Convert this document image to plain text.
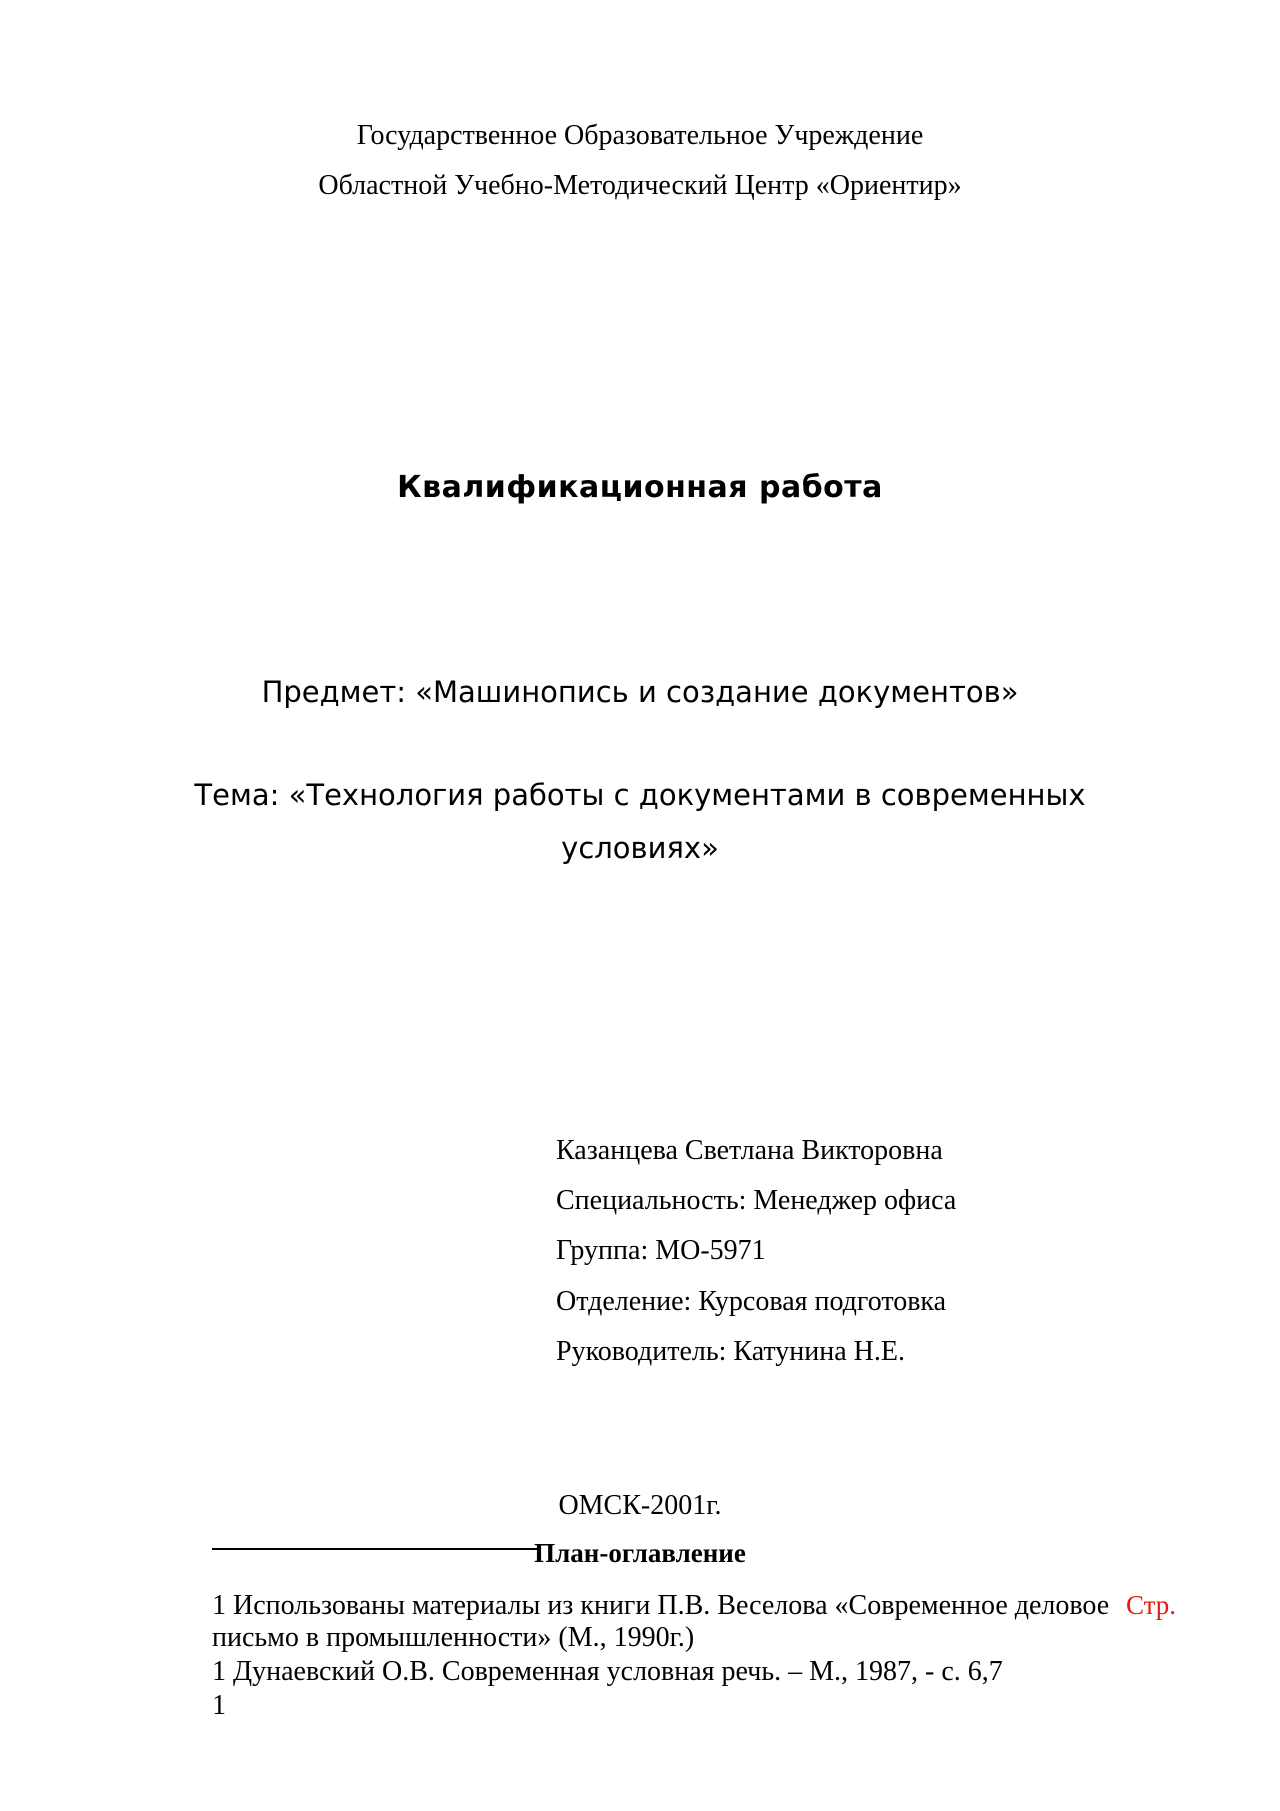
Государственное Образовательное Учреждение
Областной Учебно-Методический Центр «Ориентир»
Квалификационная работа
Предмет: «Машинопись и создание документов»
Тема: «Технология работы с документами в современных
условиях»
Казанцева Светлана Викторовна
Специальность: Менеджер офиса
Группа: МО-5971
Отделение: Курсовая подготовка
Руководитель: Катунина Н.Е.
ОМСК-2001г.
План-оглавление
1 Использованы материалы из книги П.В. Веселова «Современное деловое Стр.
письмо в промышленности» (М., 1990г.)
1 Дунаевский О.В. Современная условная речь. – М., 1987, - с. 6,7
1
